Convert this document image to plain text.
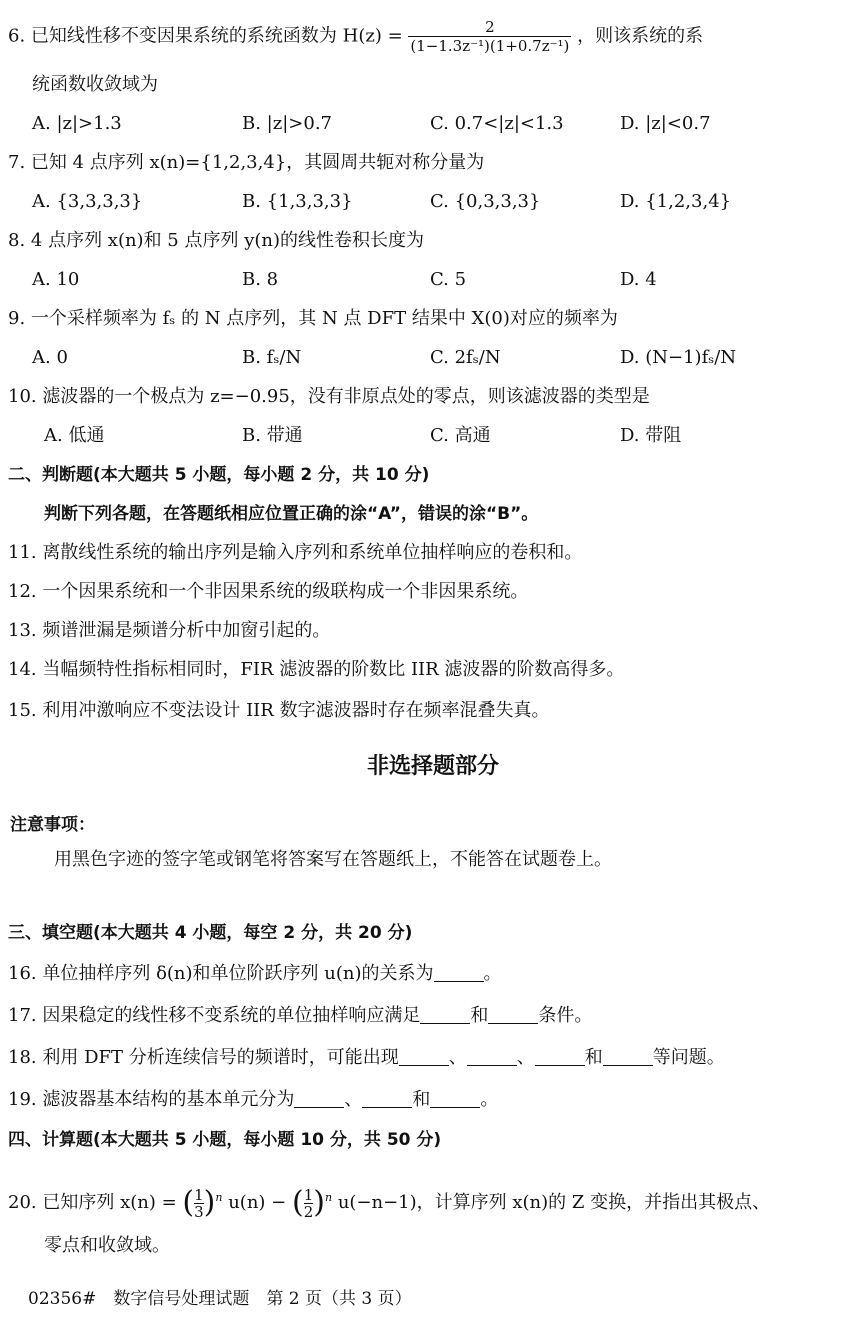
6. 已知线性移不变因果系统的系统函数为 $H(z) = \frac{2}{\text{(1−1.3z⁻¹)(1+0.7z⁻¹)}}$ ，则该系统的系
统函数收敛域为
A. |z|>1.3	B. |z|>0.7	C. 0.7<|z|<1.3	D. |z|<0.7
7. 已知 4 点序列 x(n)={1,2,3,4}，其圆周共轭对称分量为
A. {3,3,3,3}	B. {1,3,3,3}	C. {0,3,3,3}	D. {1,2,3,4}
8. 4 点序列 x(n)和 5 点序列 y(n)的线性卷积长度为
A. 10	B. 8	C. 5	D. 4
9. 一个采样频率为 fₛ 的 N 点序列，其 N 点 DFT 结果中 X(0)对应的频率为
A. 0	B. fₛ/N	C. 2fₛ/N	D. (N−1)fₛ/N
10. 滤波器的一个极点为 z=−0.95，没有非原点处的零点，则该滤波器的类型是
A. 低通	B. 带通	C. 高通	D. 带阻
二、判断题(本大题共 5 小题，每小题 2 分，共 10 分)
判断下列各题，在答题纸相应位置正确的涂“A”，错误的涂“B”。
11. 离散线性系统的输出序列是输入序列和系统单位抽样响应的卷积和。
12. 一个因果系统和一个非因果系统的级联构成一个非因果系统。
13. 频谱泄漏是频谱分析中加窗引起的。
14. 当幅频特性指标相同时，FIR 滤波器的阶数比 IIR 滤波器的阶数高得多。
15. 利用冲激响应不变法设计 IIR 数字滤波器时存在频率混叠失真。
非选择题部分
注意事项：
用黑色字迹的签字笔或钢笔将答案写在答题纸上，不能答在试题卷上。
三、填空题(本大题共 4 小题，每空 2 分，共 20 分)
16. 单位抽样序列 δ(n)和单位阶跃序列 u(n)的关系为	。
17. 因果稳定的线性移不变系统的单位抽样响应满足	和	条件。
18. 利用 DFT 分析连续信号的频谱时，可能出现	、	、	和	等问题。
19. 滤波器基本结构的基本单元分为	、	和	。
四、计算题(本大题共 5 小题，每小题 10 分，共 50 分)
20. 已知序列 x(n) = ( $\frac{1}{3} )^n$ u(n) − ( $\frac{1}{2} )^n$ u(−n−1)，计算序列 x(n)的 Z 变换，并指出其极点、
零点和收敛域。
02356#　数字信号处理试题　第 2 页（共 3 页）
